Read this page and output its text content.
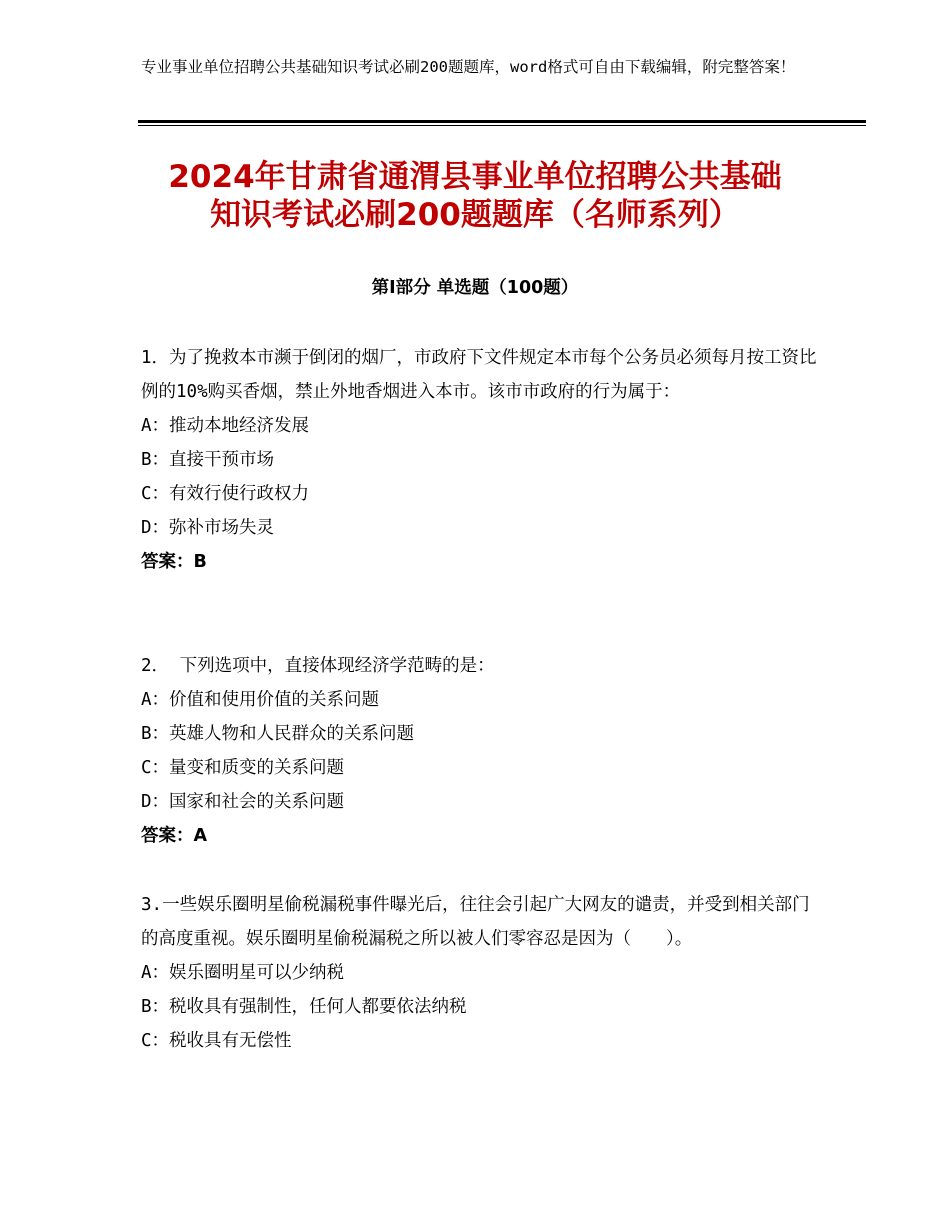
专业事业单位招聘公共基础知识考试必刷200题题库，word格式可自由下载编辑，附完整答案！
2024年甘肃省通渭县事业单位招聘公共基础
知识考试必刷200题题库（名师系列）
第Ⅰ部分 单选题（100题）

1．为了挽救本市濒于倒闭的烟厂，市政府下文件规定本市每个公务员必须每月按工资比例的10%购买香烟，禁止外地香烟进入本市。该市市政府的行为属于：

A：推动本地经济发展

B：直接干预市场

C：有效行使行政权力

D：弥补市场失灵

答案：B

2． 下列选项中，直接体现经济学范畴的是：

A：价值和使用价值的关系问题

B：英雄人物和人民群众的关系问题

C：量变和质变的关系问题

D：国家和社会的关系问题

答案：A

3.一些娱乐圈明星偷税漏税事件曝光后，往往会引起广大网友的谴责，并受到相关部门的高度重视。娱乐圈明星偷税漏税之所以被人们零容忍是因为（　　）。

A：娱乐圈明星可以少纳税

B：税收具有强制性，任何人都要依法纳税

C：税收具有无偿性
